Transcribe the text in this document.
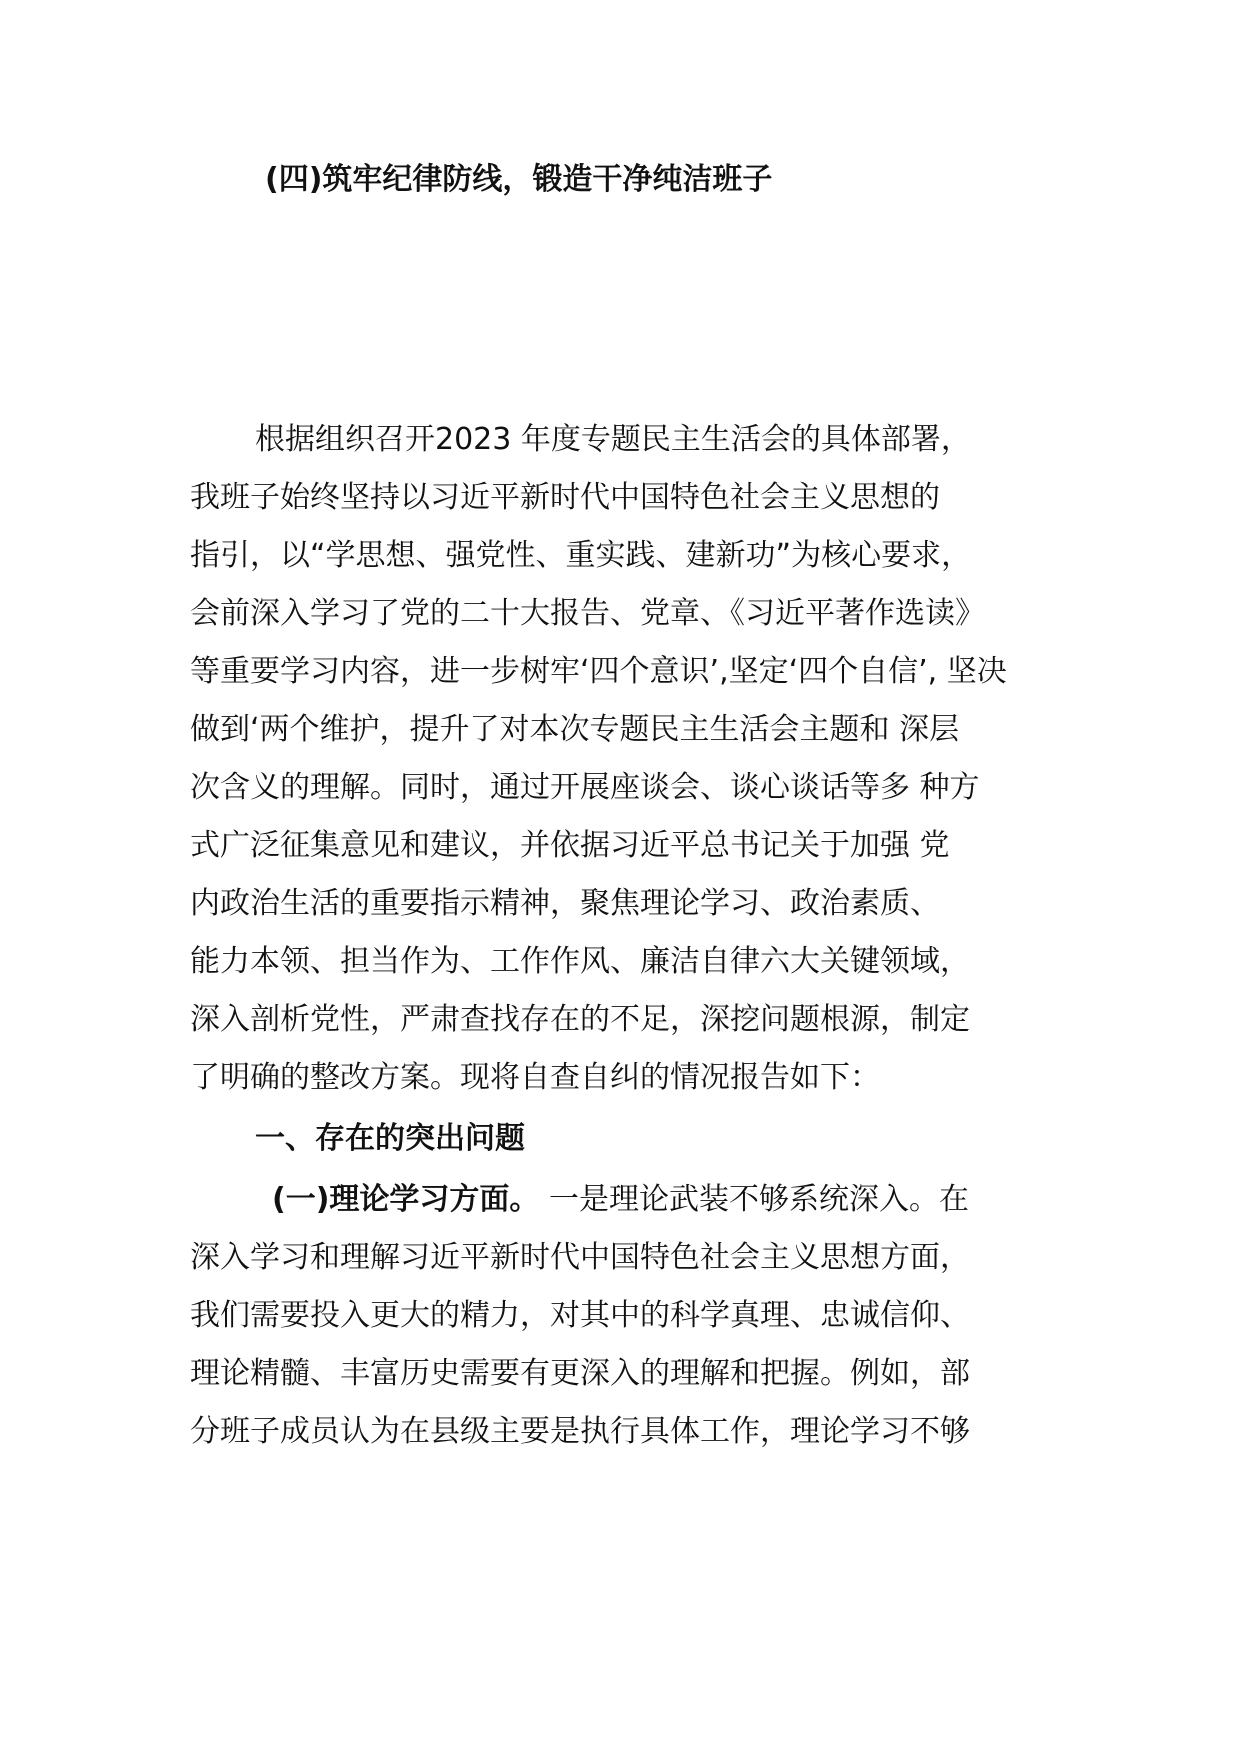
(四)筑牢纪律防线，锻造干净纯洁班子
根据组织召开2023 年度专题民主生活会的具体部署，
我班子始终坚持以习近平新时代中国特色社会主义思想的
指引，以“学思想、强党性、重实践、建新功”为核心要求，
会前深入学习了党的二十大报告、党章、《习近平著作选读》
等重要学习内容，进一步树牢‘四个意识’,坚定‘四个自信’, 坚决
做到‘两个维护，提升了对本次专题民主生活会主题和 深层
次含义的理解。同时，通过开展座谈会、谈心谈话等多 种方
式广泛征集意见和建议，并依据习近平总书记关于加强 党
内政治生活的重要指示精神，聚焦理论学习、政治素质、
能力本领、担当作为、工作作风、廉洁自律六大关键领域，
深入剖析党性，严肃查找存在的不足，深挖问题根源，制定
了明确的整改方案。现将自查自纠的情况报告如下：
一、存在的突出问题
(一)理论学习方面。 一是理论武装不够系统深入。在
深入学习和理解习近平新时代中国特色社会主义思想方面，
我们需要投入更大的精力，对其中的科学真理、忠诚信仰、
理论精髓、丰富历史需要有更深入的理解和把握。例如，部
分班子成员认为在县级主要是执行具体工作，理论学习不够
